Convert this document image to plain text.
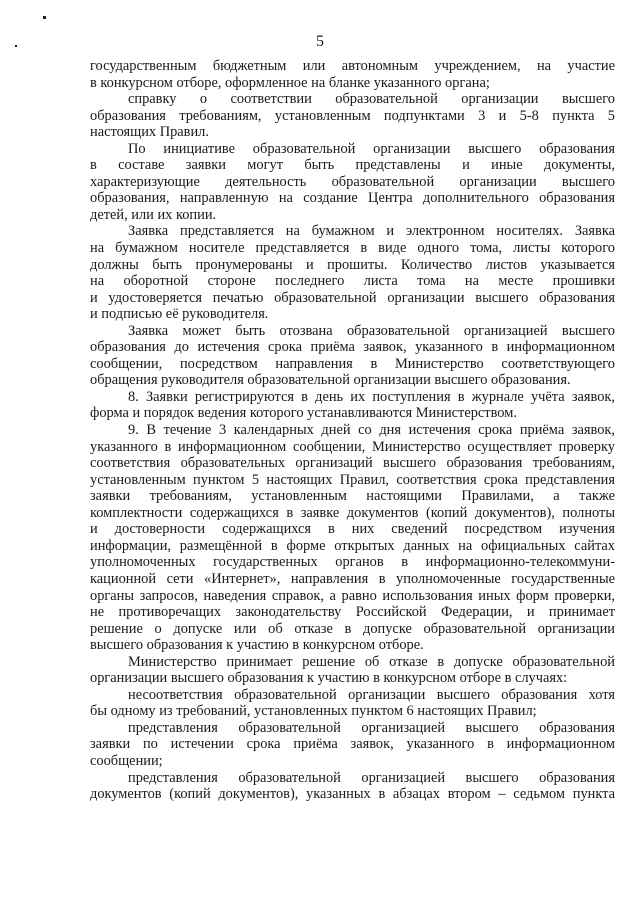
5
государственным бюджетным или автономным учреждением, на участие
в конкурсном отборе, оформленное на бланке указанного органа;
справку о соответствии образовательной организации высшего
образования требованиям, установленным подпунктами 3 и 5-8 пункта 5
настоящих Правил.
По инициативе образовательной организации высшего образования
в составе заявки могут быть представлены и иные документы,
характеризующие деятельность образовательной организации высшего
образования, направленную на создание Центра дополнительного образования
детей, или их копии.
Заявка представляется на бумажном и электронном носителях. Заявка
на бумажном носителе представляется в виде одного тома, листы которого
должны быть пронумерованы и прошиты. Количество листов указывается
на оборотной стороне последнего листа тома на месте прошивки
и удостоверяется печатью образовательной организации высшего образования
и подписью её руководителя.
Заявка может быть отозвана образовательной организацией высшего
образования до истечения срока приёма заявок, указанного в информационном
сообщении, посредством направления в Министерство соответствующего
обращения руководителя образовательной организации высшего образования.
8. Заявки регистрируются в день их поступления в журнале учёта заявок,
форма и порядок ведения которого устанавливаются Министерством.
9. В течение 3 календарных дней со дня истечения срока приёма заявок,
указанного в информационном сообщении, Министерство осуществляет проверку
соответствия образовательных организаций высшего образования требованиям,
установленным пунктом 5 настоящих Правил, соответствия срока представления
заявки требованиям, установленным настоящими Правилами, а также
комплектности содержащихся в заявке документов (копий документов), полноты
и достоверности содержащихся в них сведений посредством изучения
информации, размещённой в форме открытых данных на официальных сайтах
уполномоченных государственных органов в информационно-телекоммуни-
кационной сети «Интернет», направления в уполномоченные государственные
органы запросов, наведения справок, а равно использования иных форм проверки,
не противоречащих законодательству Российской Федерации, и принимает
решение о допуске или об отказе в допуске образовательной организации
высшего образования к участию в конкурсном отборе.
Министерство принимает решение об отказе в допуске образовательной
организации высшего образования к участию в конкурсном отборе в случаях:
несоответствия образовательной организации высшего образования хотя
бы одному из требований, установленных пунктом 6 настоящих Правил;
представления образовательной организацией высшего образования
заявки по истечении срока приёма заявок, указанного в информационном
сообщении;
представления образовательной организацией высшего образования
документов (копий документов), указанных в абзацах втором – седьмом пункта
